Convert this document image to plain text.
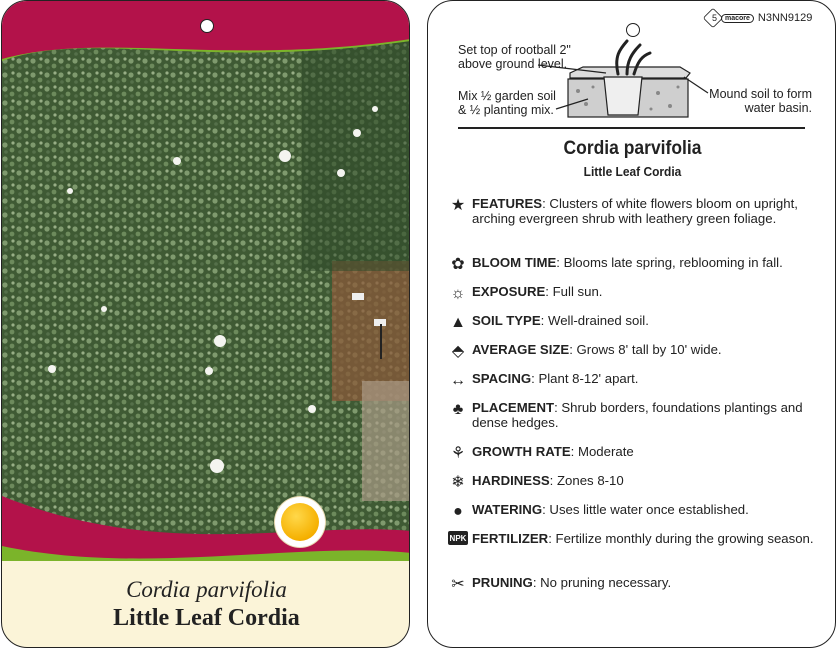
Cordia parvifolia
Little Leaf Cordia
5	macore N3NN9129
Set top of rootball 2" above ground level.
Mix ½ garden soil & ½ planting mix.
Mound soil to form water basin.
Cordia parvifolia
Little Leaf Cordia
★ FEATURES: Clusters of white flowers bloom on upright, arching evergreen shrub with leathery green foliage.
✿ BLOOM TIME: Blooms late spring, reblooming in fall.
☼ EXPOSURE: Full sun.
▲ SOIL TYPE: Well-drained soil.
⬘ AVERAGE SIZE: Grows 8' tall by 10' wide.
↔ SPACING: Plant 8-12' apart.
♣ PLACEMENT: Shrub borders, foundations plantings and dense hedges.
⚘ GROWTH RATE: Moderate
❄ HARDINESS: Zones 8-10
● WATERING: Uses little water once established.
NPK FERTILIZER: Fertilize monthly during the growing season.
✂ PRUNING: No pruning necessary.
